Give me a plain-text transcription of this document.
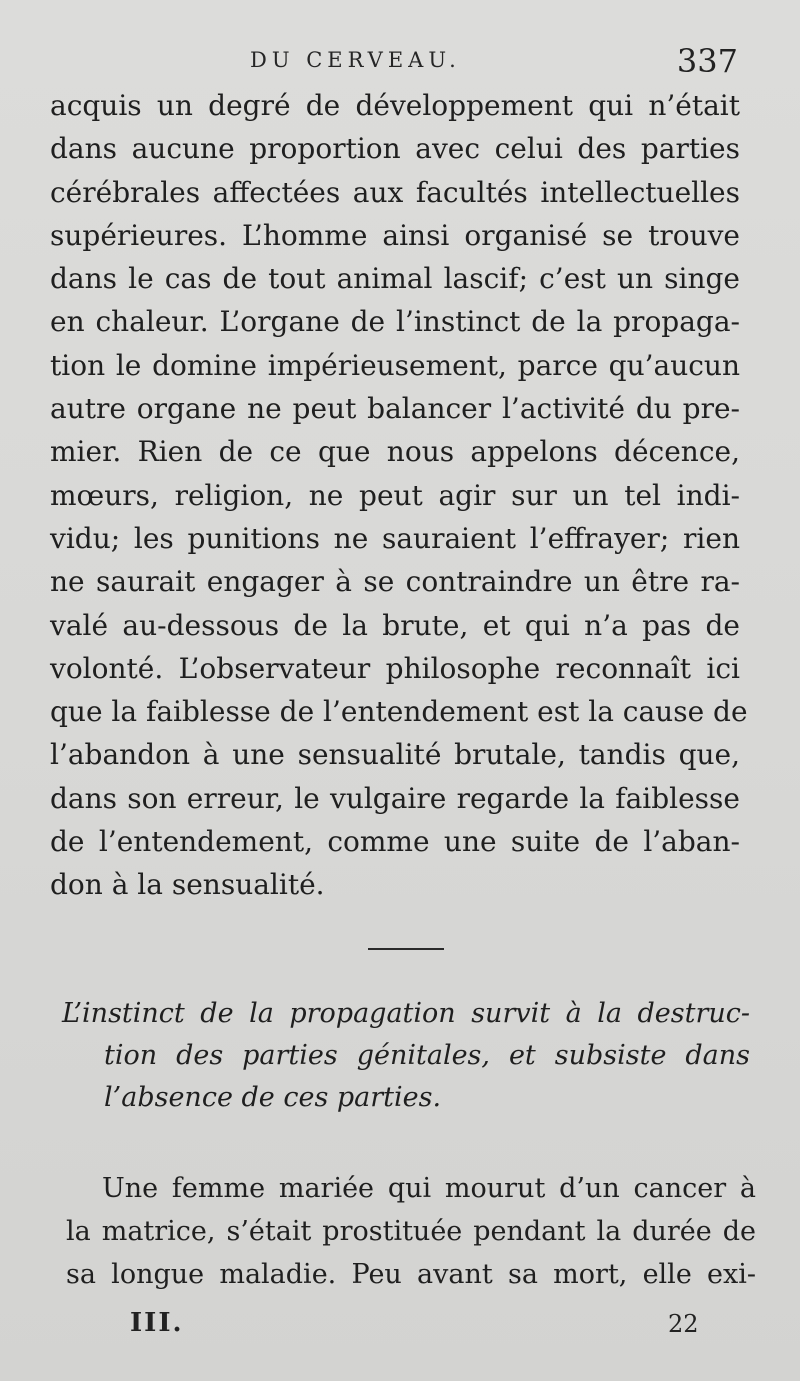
DU CERVEAU.	337
acquis un degré de développement qui n’était
dans aucune proportion avec celui des parties
cérébrales affectées aux facultés intellectuelles
supérieures. L’homme ainsi organisé se trouve
dans le cas de tout animal lascif; c’est un singe
en chaleur. L’organe de l’instinct de la propaga-
tion le domine impérieusement, parce qu’aucun
autre organe ne peut balancer l’activité du pre-
mier. Rien de ce que nous appelons décence,
mœurs, religion, ne peut agir sur un tel indi-
vidu; les punitions ne sauraient l’effrayer; rien
ne saurait engager à se contraindre un être ra-
valé au-dessous de la brute, et qui n’a pas de
volonté. L’observateur philosophe reconnaît ici
que la faiblesse de l’entendement est la cause de
l’abandon à une sensualité brutale, tandis que,
dans son erreur, le vulgaire regarde la faiblesse
de l’entendement, comme une suite de l’aban-
don à la sensualité.
L’instinct de la propagation survit à la destruc-
tion des parties génitales, et subsiste dans
l’absence de ces parties.
Une femme mariée qui mourut d’un cancer à
la matrice, s’était prostituée pendant la durée de
sa longue maladie. Peu avant sa mort, elle exi-
III.	22
